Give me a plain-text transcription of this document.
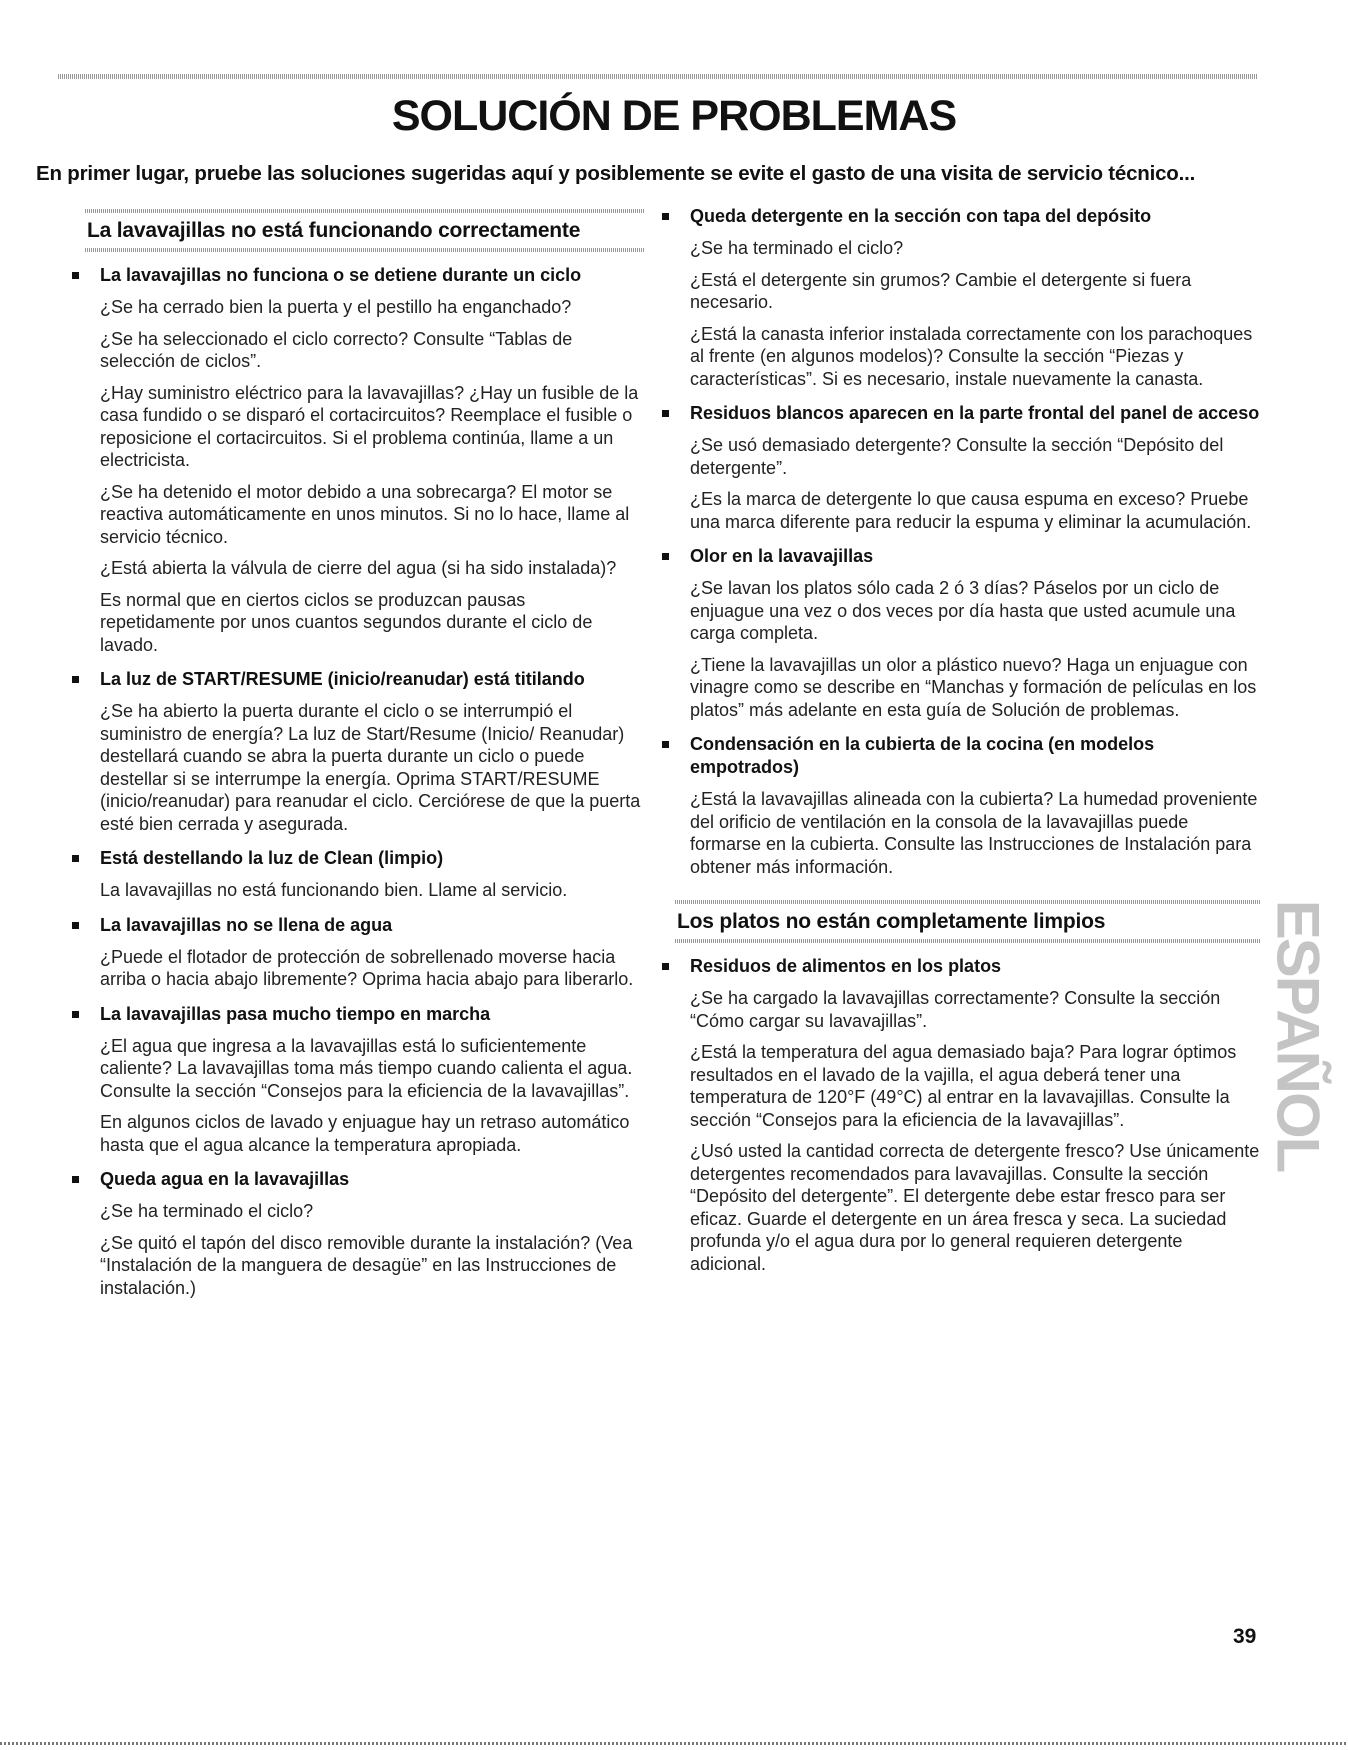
SOLUCIÓN DE PROBLEMAS

En primer lugar, pruebe las soluciones sugeridas aquí y posiblemente se evite el gasto de una visita de servicio técnico...

La lavavajillas no está funcionando correctamente
La lavavajillas no funciona o se detiene durante un ciclo

¿Se ha cerrado bien la puerta y el pestillo ha enganchado?

¿Se ha seleccionado el ciclo correcto? Consulte “Tablas de selección de ciclos”.

¿Hay suministro eléctrico para la lavavajillas? ¿Hay un fusible de la casa fundido o se disparó el cortacircuitos? Reemplace el fusible o reposicione el cortacircuitos. Si el problema continúa, llame a un electricista.

¿Se ha detenido el motor debido a una sobrecarga? El motor se reactiva automáticamente en unos minutos. Si no lo hace, llame al servicio técnico.

¿Está abierta la válvula de cierre del agua (si ha sido instalada)?

Es normal que en ciertos ciclos se produzcan pausas repetidamente por unos cuantos segundos durante el ciclo de lavado.

La luz de START/RESUME (inicio/reanudar) está titilando

¿Se ha abierto la puerta durante el ciclo o se interrumpió el suministro de energía? La luz de Start/Resume (Inicio/ Reanudar) destellará cuando se abra la puerta durante un ciclo o puede destellar si se interrumpe la energía. Oprima START/RESUME (inicio/reanudar) para reanudar el ciclo. Cerciórese de que la puerta esté bien cerrada y asegurada.

Está destellando la luz de Clean (limpio)

La lavavajillas no está funcionando bien. Llame al servicio.

La lavavajillas no se llena de agua

¿Puede el flotador de protección de sobrellenado moverse hacia arriba o hacia abajo libremente? Oprima hacia abajo para liberarlo.

La lavavajillas pasa mucho tiempo en marcha

¿El agua que ingresa a la lavavajillas está lo suficientemente caliente? La lavavajillas toma más tiempo cuando calienta el agua. Consulte la sección “Consejos para la eficiencia de la lavavajillas”.

En algunos ciclos de lavado y enjuague hay un retraso automático hasta que el agua alcance la temperatura apropiada.

Queda agua en la lavavajillas

¿Se ha terminado el ciclo?

¿Se quitó el tapón del disco removible durante la instalación? (Vea “Instalación de la manguera de desagüe” en las Instrucciones de instalación.)

Queda detergente en la sección con tapa del depósito

¿Se ha terminado el ciclo?

¿Está el detergente sin grumos? Cambie el detergente si fuera necesario.

¿Está la canasta inferior instalada correctamente con los parachoques al frente (en algunos modelos)? Consulte la sección “Piezas y características”. Si es necesario, instale nuevamente la canasta.

Residuos blancos aparecen en la parte frontal del panel de acceso

¿Se usó demasiado detergente? Consulte la sección “Depósito del detergente”.

¿Es la marca de detergente lo que causa espuma en exceso? Pruebe una marca diferente para reducir la espuma y eliminar la acumulación.

Olor en la lavavajillas

¿Se lavan los platos sólo cada 2 ó 3 días? Páselos por un ciclo de enjuague una vez o dos veces por día hasta que usted acumule una carga completa.

¿Tiene la lavavajillas un olor a plástico nuevo? Haga un enjuague con vinagre como se describe en “Manchas y formación de películas en los platos” más adelante en esta guía de Solución de problemas.

Condensación en la cubierta de la cocina (en modelos empotrados)

¿Está la lavavajillas alineada con la cubierta? La humedad proveniente del orificio de ventilación en la consola de la lavavajillas puede formarse en la cubierta. Consulte las Instrucciones de Instalación para obtener más información.

Los platos no están completamente limpios
Residuos de alimentos en los platos

¿Se ha cargado la lavavajillas correctamente? Consulte la sección “Cómo cargar su lavavajillas”.

¿Está la temperatura del agua demasiado baja? Para lograr óptimos resultados en el lavado de la vajilla, el agua deberá tener una temperatura de 120°F (49°C) al entrar en la lavavajillas. Consulte la sección “Consejos para la eficiencia de la lavavajillas”.

¿Usó usted la cantidad correcta de detergente fresco? Use únicamente detergentes recomendados para lavavajillas. Consulte la sección “Depósito del detergente”. El detergente debe estar fresco para ser eficaz. Guarde el detergente en un área fresca y seca. La suciedad profunda y/o el agua dura por lo general requieren detergente adicional.

ESPAÑOL
39
